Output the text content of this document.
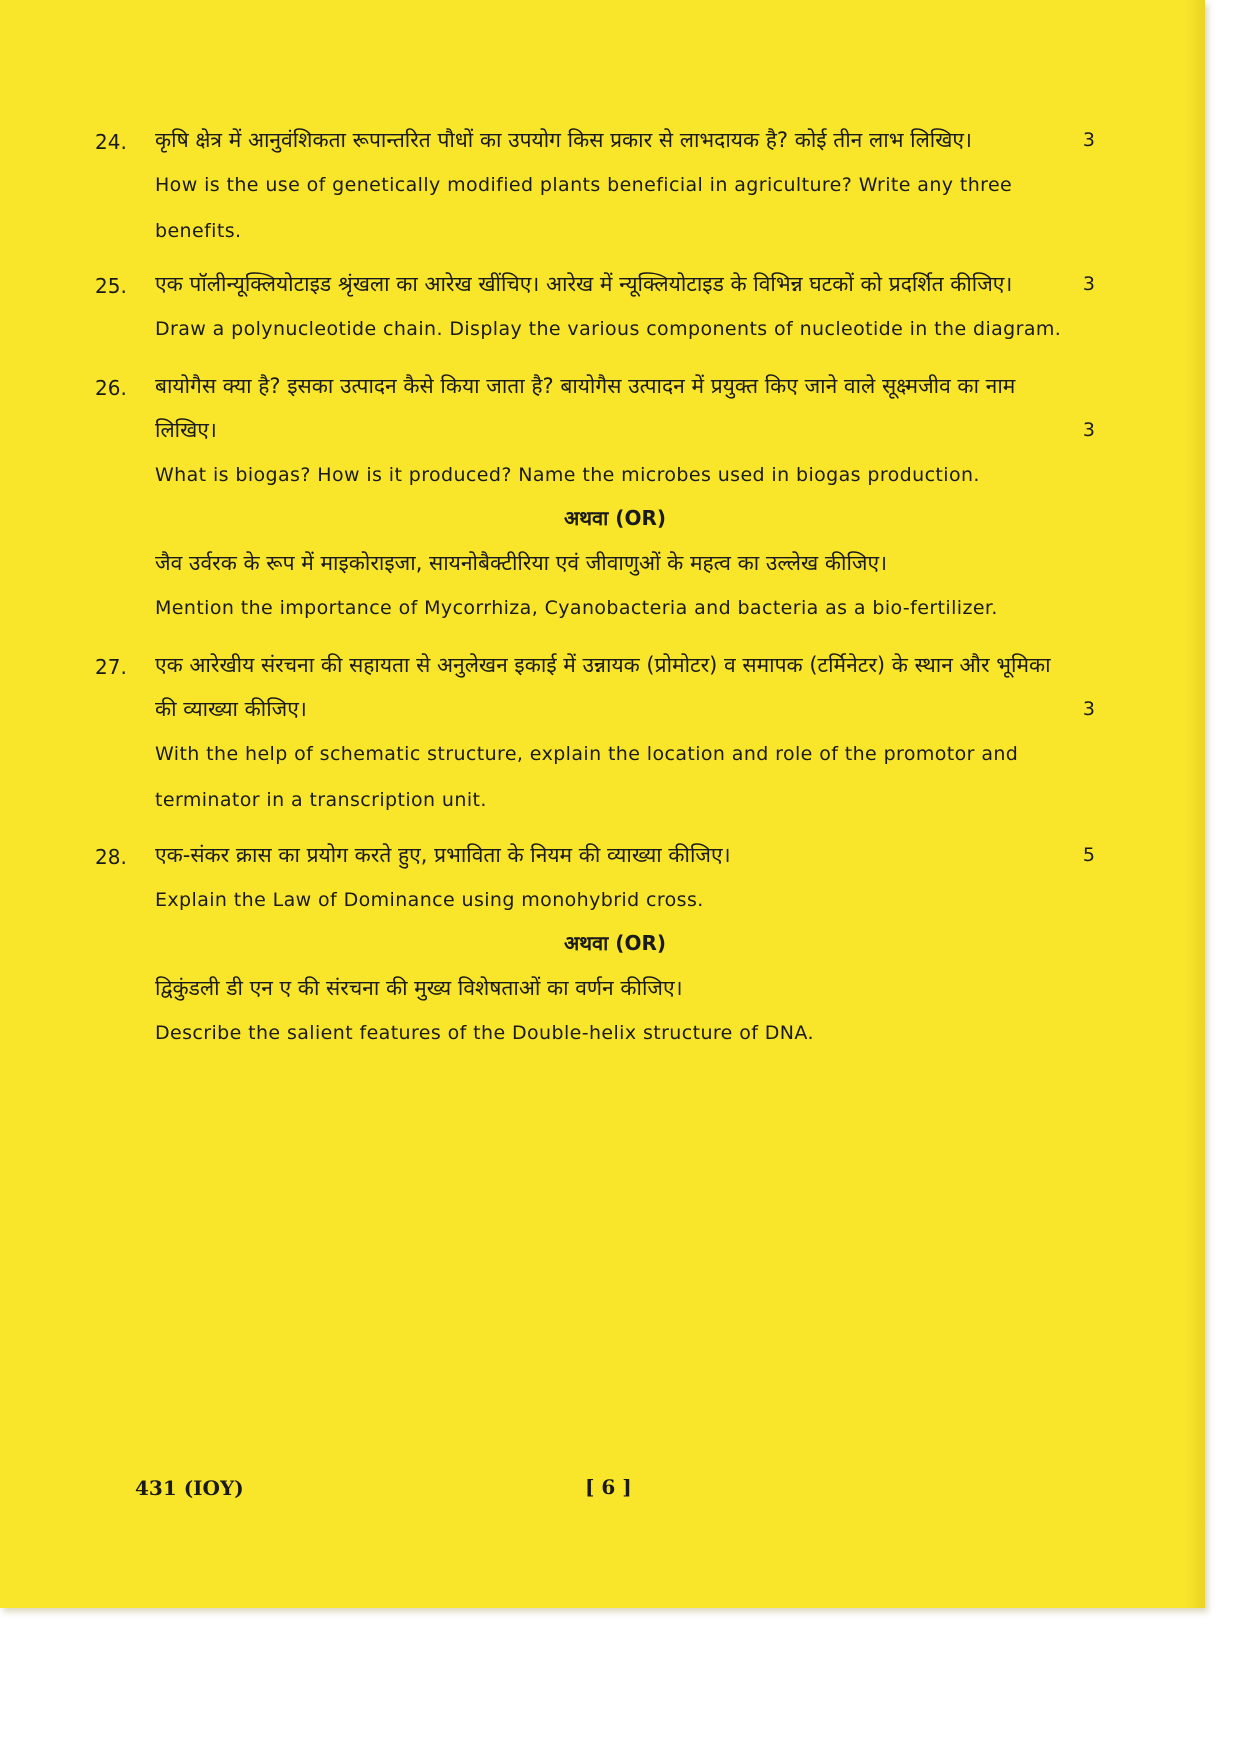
24. कृषि क्षेत्र में आनुवंशिकता रूपान्तरित पौधों का उपयोग किस प्रकार से लाभदायक है? कोई तीन लाभ लिखिए।	3

How is the use of genetically modified plants beneficial in agriculture? Write any three benefits.

25. एक पॉलीन्यूक्लियोटाइड श्रृंखला का आरेख खींचिए। आरेख में न्यूक्लियोटाइड के विभिन्न घटकों को प्रदर्शित कीजिए।	3

Draw a polynucleotide chain. Display the various components of nucleotide in the diagram.

26. बायोगैस क्या है? इसका उत्पादन कैसे किया जाता है? बायोगैस उत्पादन में प्रयुक्त किए जाने वाले सूक्ष्मजीव का नाम लिखिए।	3

What is biogas? How is it produced? Name the microbes used in biogas production.

अथवा (OR)

जैव उर्वरक के रूप में माइकोराइजा, सायनोबैक्टीरिया एवं जीवाणुओं के महत्व का उल्लेख कीजिए।

Mention the importance of Mycorrhiza, Cyanobacteria and bacteria as a bio-fertilizer.

27. एक आरेखीय संरचना की सहायता से अनुलेखन इकाई में उन्नायक (प्रोमोटर) व समापक (टर्मिनेटर) के स्थान और भूमिका की व्याख्या कीजिए।	3

With the help of schematic structure, explain the location and role of the promotor and terminator in a transcription unit.

28. एक-संकर क्रास का प्रयोग करते हुए, प्रभाविता के नियम की व्याख्या कीजिए।	5

Explain the Law of Dominance using monohybrid cross.

अथवा (OR)

द्विकुंडली डी एन ए की संरचना की मुख्य विशेषताओं का वर्णन कीजिए।

Describe the salient features of the Double-helix structure of DNA.

431 (IOY)	[ 6 ]
